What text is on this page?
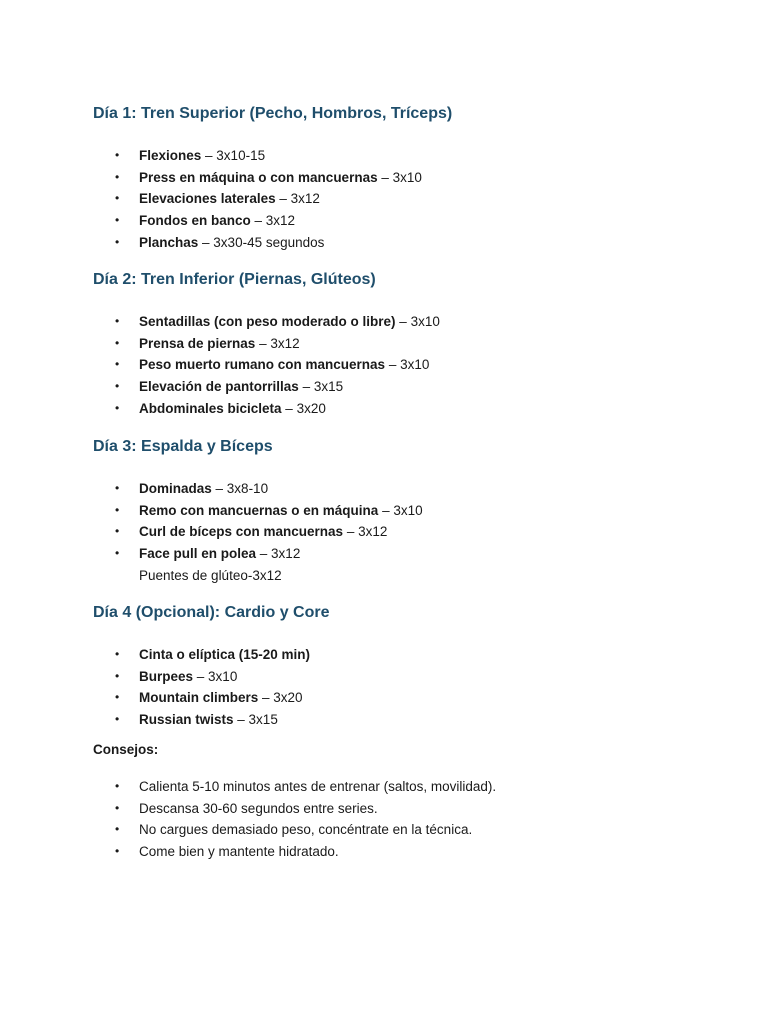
Día 1: Tren Superior (Pecho, Hombros, Tríceps)
• Flexiones – 3x10-15
• Press en máquina o con mancuernas – 3x10
• Elevaciones laterales – 3x12
• Fondos en banco – 3x12
• Planchas – 3x30-45 segundos
Día 2: Tren Inferior (Piernas, Glúteos)
• Sentadillas (con peso moderado o libre) – 3x10
• Prensa de piernas – 3x12
• Peso muerto rumano con mancuernas – 3x10
• Elevación de pantorrillas – 3x15
• Abdominales bicicleta – 3x20
Día 3: Espalda y Bíceps
• Dominadas – 3x8-10
• Remo con mancuernas o en máquina – 3x10
• Curl de bíceps con mancuernas – 3x12
• Face pull en polea – 3x12
Puentes de glúteo-3x12
Día 4 (Opcional): Cardio y Core
• Cinta o elíptica (15-20 min)
• Burpees – 3x10
• Mountain climbers – 3x20
• Russian twists – 3x15

Consejos:

• Calienta 5-10 minutos antes de entrenar (saltos, movilidad).
• Descansa 30-60 segundos entre series.
• No cargues demasiado peso, concéntrate en la técnica.
• Come bien y mantente hidratado.
